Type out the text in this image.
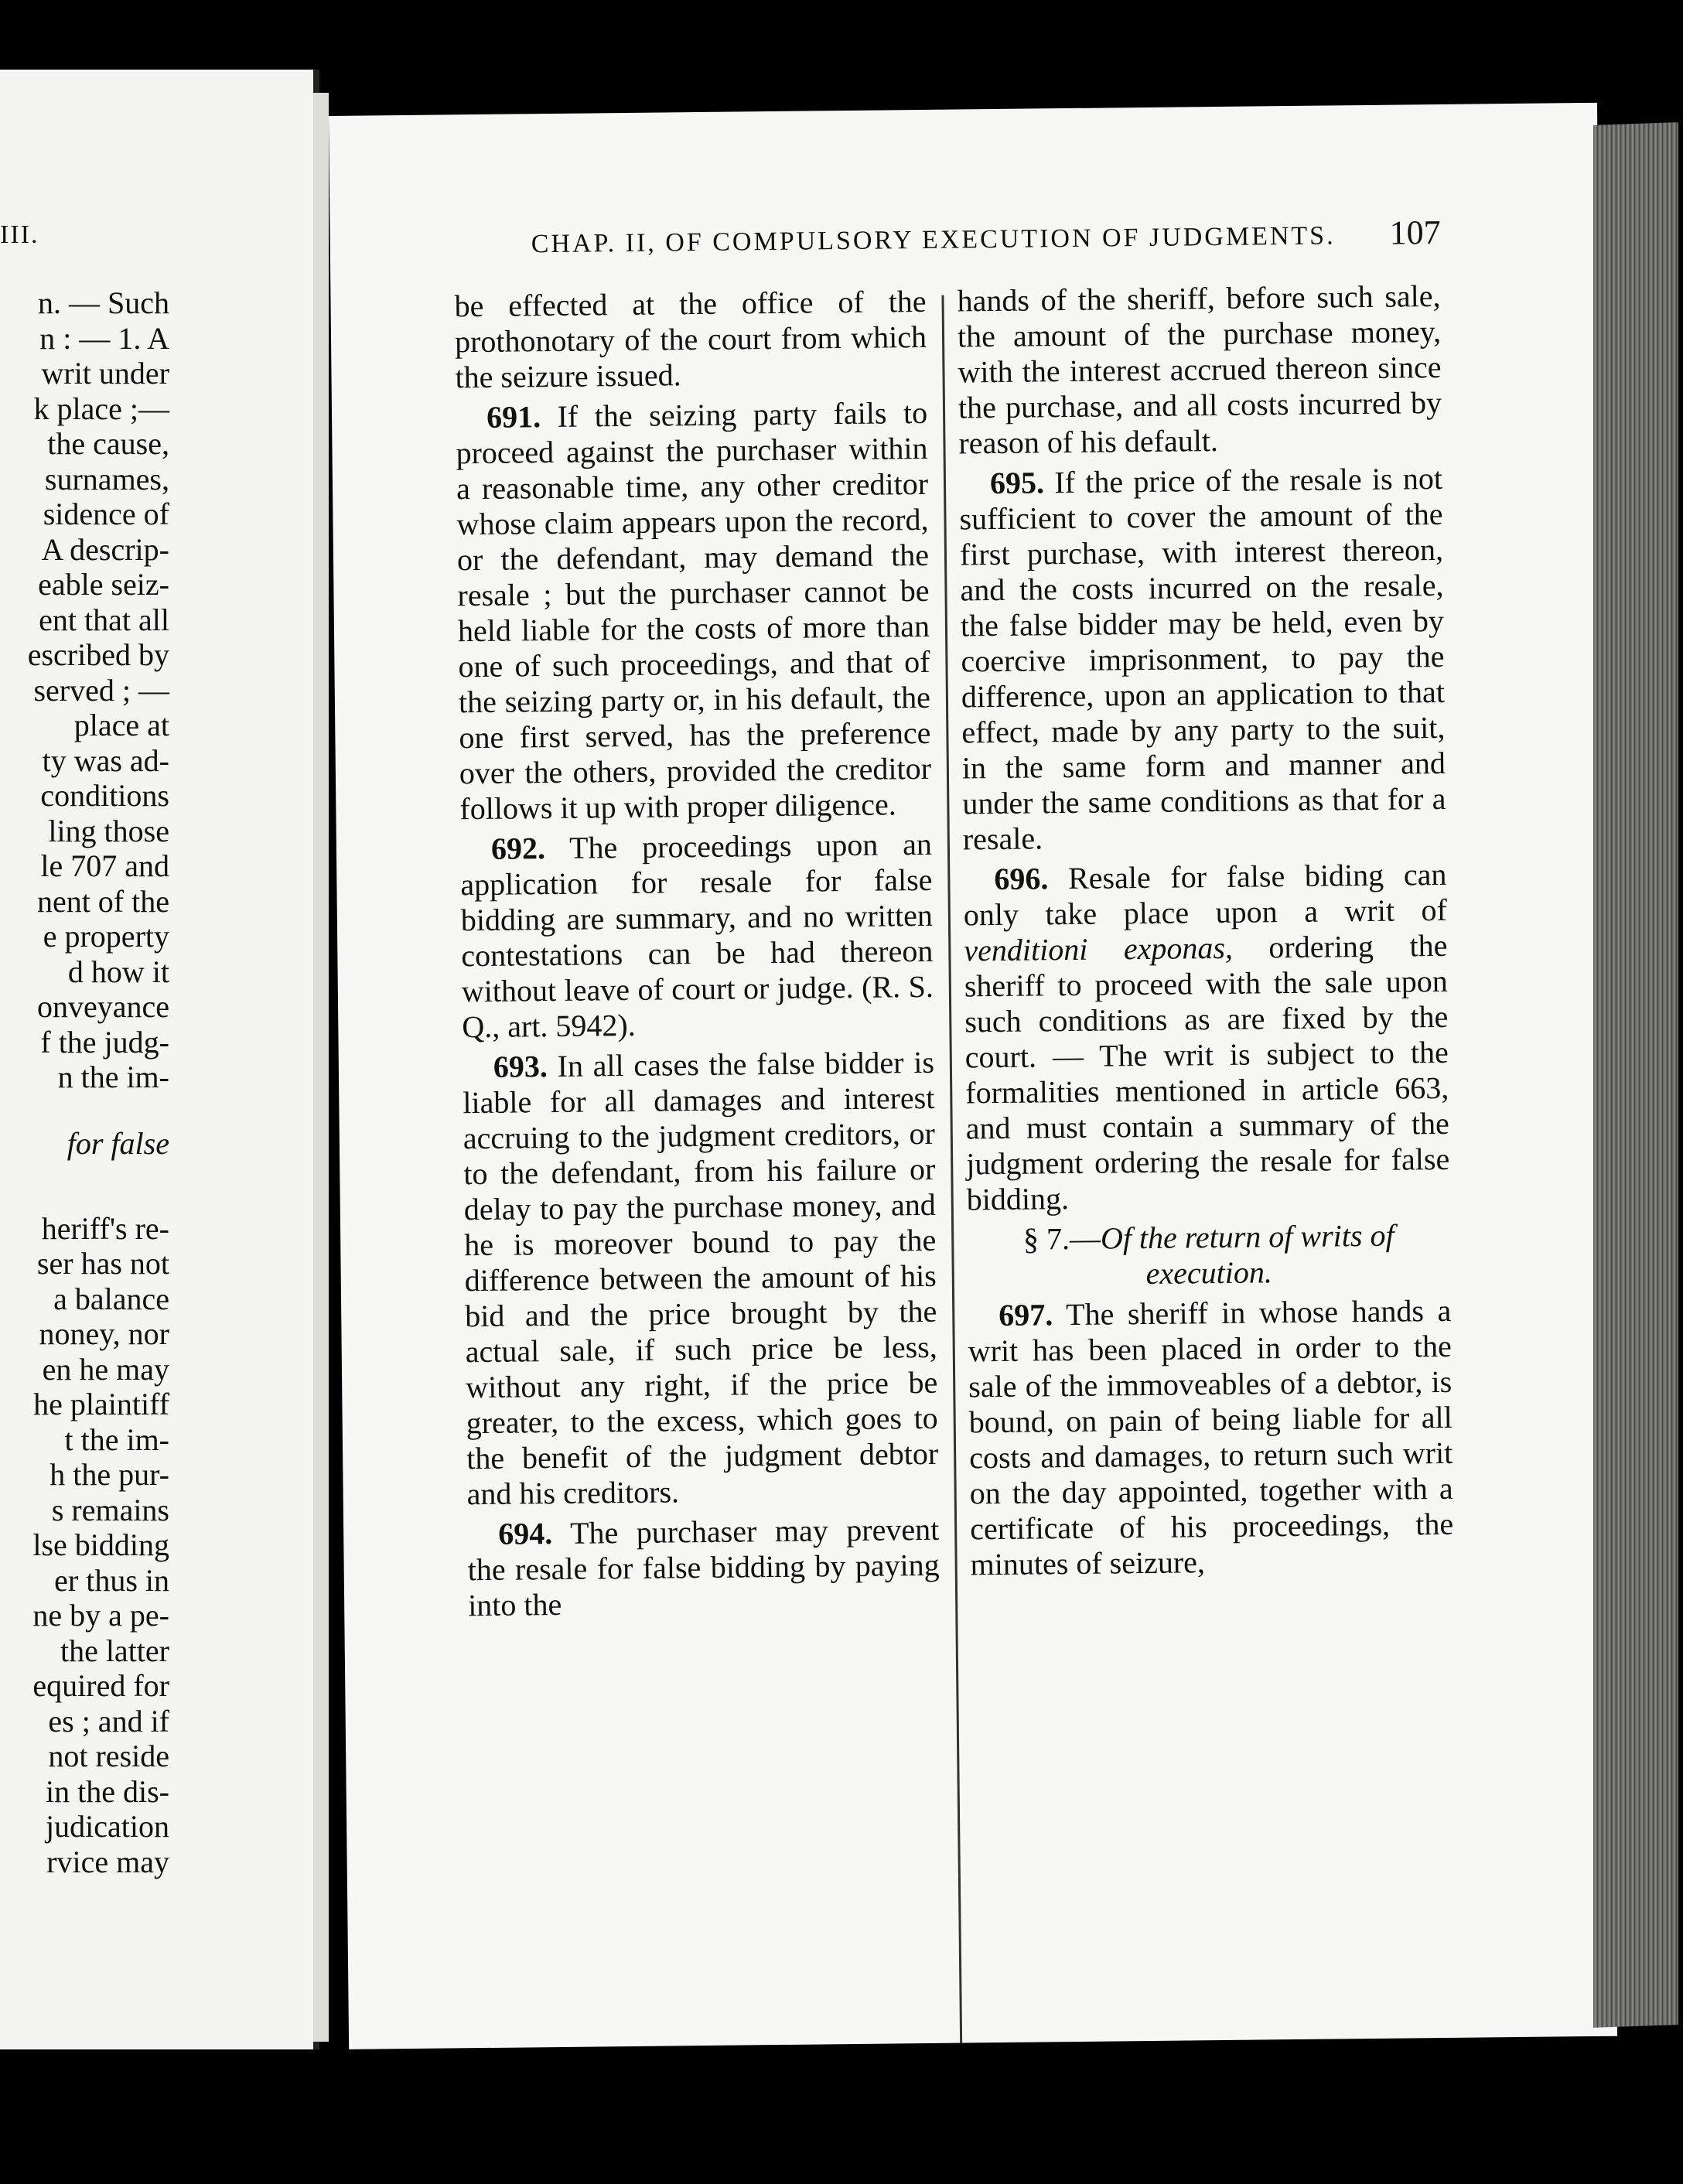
III.
n. — Such
n : — 1. A
writ under
k place ;—
the cause,
surnames,
sidence of
A descrip-
eable seiz-
ent that all
escribed by
served ; —
place at
ty was ad-
conditions
ling those
le 707 and
nent of the
e property
d how it
onveyance
f the judg-
n the im-
for false
heriff's re-
ser has not
a balance
noney, nor
en he may
he plaintiff
t the im-
h the pur-
s remains
lse bidding
er thus in
ne by a pe-
the latter
equired for
es ; and if
not reside
in the dis-
judication
rvice may
CHAP. II, OF COMPULSORY EXECUTION OF JUDGMENTS. 107

be effected at the office of the prothonotary of the court from which the seizure issued.

691. If the seizing party fails to proceed against the purchaser within a reasonable time, any other creditor whose claim appears upon the record, or the defendant, may demand the resale ; but the purchaser cannot be held liable for the costs of more than one of such proceedings, and that of the seizing party or, in his default, the one first served, has the preference over the others, provided the creditor follows it up with proper diligence.

692. The proceedings upon an application for resale for false bidding are summary, and no written contestations can be had thereon without leave of court or judge. (R. S. Q., art. 5942).

693. In all cases the false bidder is liable for all damages and interest accruing to the judgment creditors, or to the defendant, from his failure or delay to pay the purchase money, and he is moreover bound to pay the difference between the amount of his bid and the price brought by the actual sale, if such price be less, without any right, if the price be greater, to the excess, which goes to the benefit of the judgment debtor and his creditors.

694. The purchaser may prevent the resale for false bidding by paying into the

hands of the sheriff, before such sale, the amount of the purchase money, with the interest accrued thereon since the purchase, and all costs incurred by reason of his default.

695. If the price of the resale is not sufficient to cover the amount of the first purchase, with interest thereon, and the costs incurred on the resale, the false bidder may be held, even by coercive imprisonment, to pay the difference, upon an application to that effect, made by any party to the suit, in the same form and manner and under the same conditions as that for a resale.

696. Resale for false biding can only take place upon a writ of venditioni exponas, ordering the sheriff to proceed with the sale upon such conditions as are fixed by the court. — The writ is subject to the formalities mentioned in article 663, and must contain a summary of the judgment ordering the resale for false bidding.

§ 7.—Of the return of writs of execution.

697. The sheriff in whose hands a writ has been placed in order to the sale of the immoveables of a debtor, is bound, on pain of being liable for all costs and damages, to return such writ on the day appointed, together with a certificate of his proceedings, the minutes of seizure,
